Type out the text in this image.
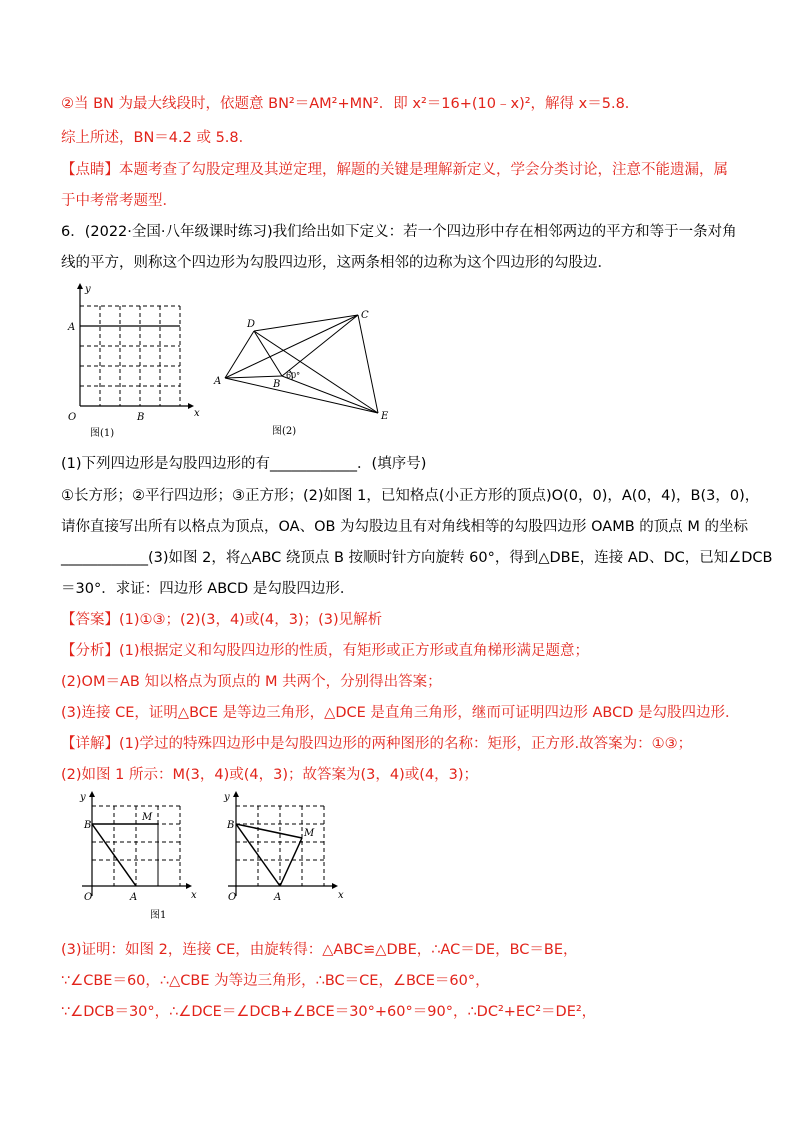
②当 BN 为最大线段时，依题意 BN²＝AM²+MN²．即 x²＝16+(10﹣x)²，解得 x＝5.8．
综上所述，BN＝4.2 或 5.8．
【点睛】本题考查了勾股定理及其逆定理，解题的关键是理解新定义，学会分类讨论，注意不能遗漏，属
于中考常考题型．
6．(2022·全国·八年级课时练习)我们给出如下定义：若一个四边形中存在相邻两边的平方和等于一条对角
线的平方，则称这个四边形为勾股四边形，这两条相邻的边称为这个四边形的勾股边．
y
x
O
A
B
图(1)
D
C
A	B
60°
E
图(2)
(1)下列四边形是勾股四边形的有____________．(填序号)
①长方形；②平行四边形；③正方形；(2)如图 1，已知格点(小正方形的顶点)O(0，0)，A(0，4)，B(3，0)，
请你直接写出所有以格点为顶点，OA、OB 为勾股边且有对角线相等的勾股四边形 OAMB 的顶点 M 的坐标
____________(3)如图 2，将△ABC 绕顶点 B 按顺时针方向旋转 60°，得到△DBE，连接 AD、DC，已知∠DCB
＝30°．求证：四边形 ABCD 是勾股四边形．
【答案】(1)①③；(2)(3，4)或(4，3)；(3)见解析
【分析】(1)根据定义和勾股四边形的性质，有矩形或正方形或直角梯形满足题意；
(2)OM＝AB 知以格点为顶点的 M 共两个，分别得出答案；
(3)连接 CE，证明△BCE 是等边三角形，△DCE 是直角三角形，继而可证明四边形 ABCD 是勾股四边形．
【详解】(1)学过的特殊四边形中是勾股四边形的两种图形的名称：矩形，正方形.故答案为：①③；
(2)如图 1 所示：M(3，4)或(4，3)；故答案为(3，4)或(4，3)；
y
x
O
B
M
A
y
x
O
B
M
A
图1
(3)证明：如图 2，连接 CE，由旋转得：△ABC≌△DBE，∴AC＝DE，BC＝BE，
∵∠CBE＝60，∴△CBE 为等边三角形，∴BC＝CE，∠BCE＝60°，
∵∠DCB＝30°，∴∠DCE＝∠DCB+∠BCE＝30°+60°＝90°，∴DC²+EC²＝DE²，
